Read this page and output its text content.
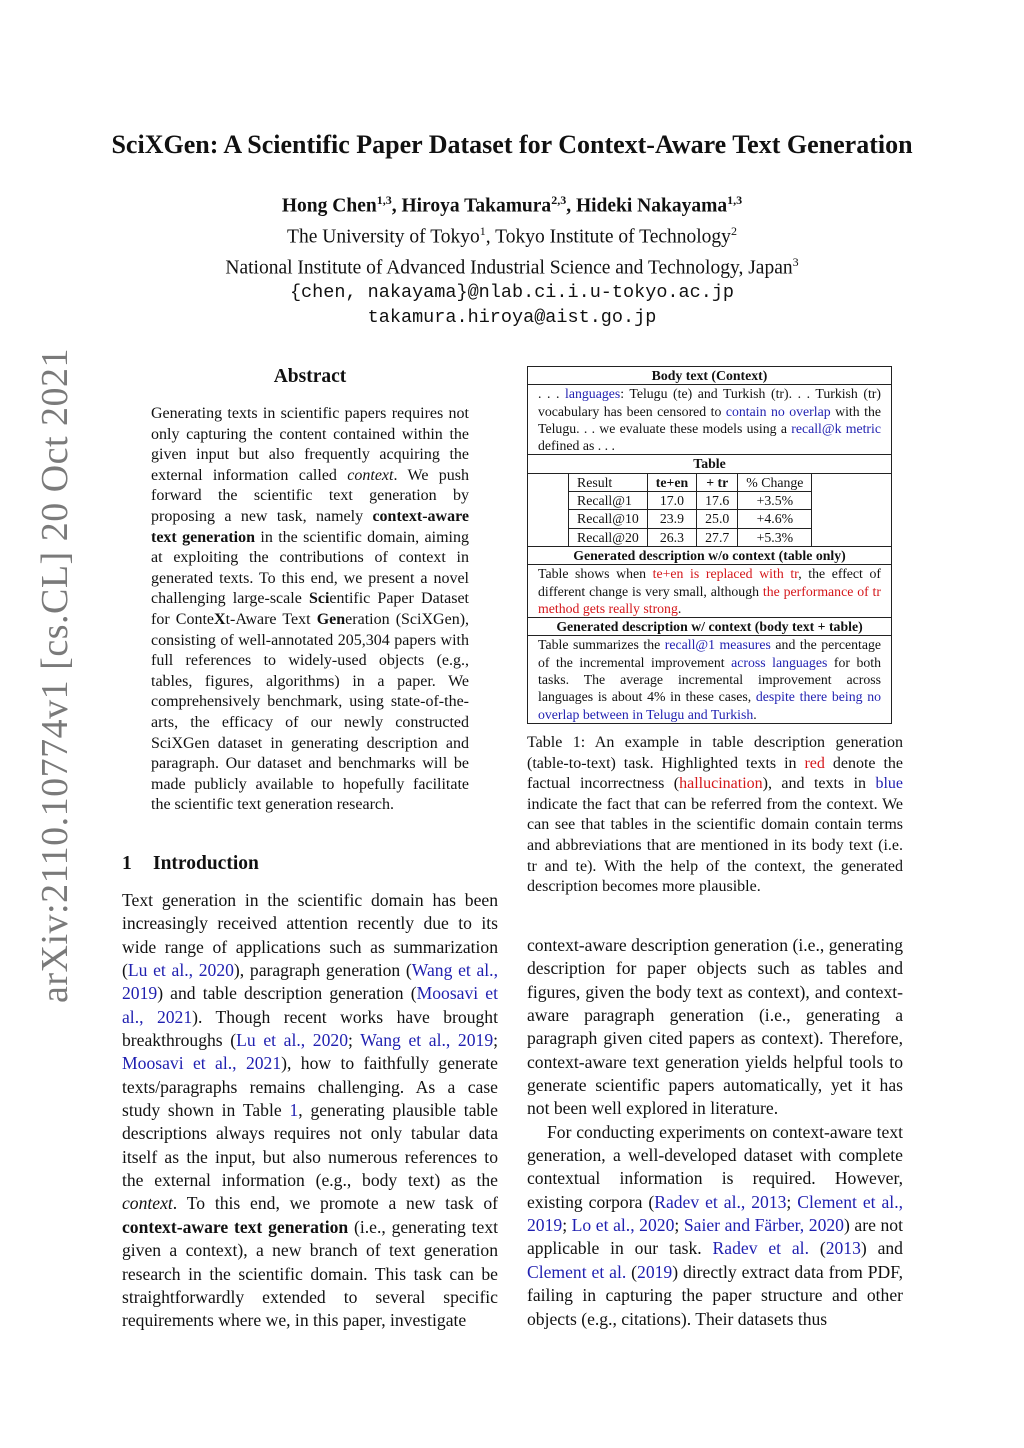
arXiv:2110.10774v1 [cs.CL] 20 Oct 2021
SciXGen: A Scientific Paper Dataset for Context-Aware Text Generation
Hong Chen$^{1,3}$, Hiroya Takamura$^{2,3}$, Hideki Nakayama$^{1,3}$
The University of Tokyo$^1$, Tokyo Institute of Technology$^2$
National Institute of Advanced Industrial Science and Technology, Japan$^3$
{chen, nakayama}@nlab.ci.i.u-tokyo.ac.jp
takamura.hiroya@aist.go.jp
Abstract
Generating texts in scientific papers requires not only capturing the content contained within the given input but also frequently acquiring the external information called context. We push forward the scientific text generation by proposing a new task, namely context-aware text generation in the scientific domain, aiming at exploiting the contributions of context in generated texts. To this end, we present a novel challenging large-scale Scientific Paper Dataset for ConteXt-Aware Text Generation (SciXGen), consisting of well-annotated 205,304 papers with full references to widely-used objects (e.g., tables, figures, algorithms) in a paper. We comprehensively benchmark, using state-of-the-arts, the efficacy of our newly constructed SciXGen dataset in generating description and paragraph. Our dataset and benchmarks will be made publicly available to hopefully facilitate the scientific text generation research.
1 Introduction
Text generation in the scientific domain has been increasingly received attention recently due to its wide range of applications such as summarization (Lu et al., 2020), paragraph generation (Wang et al., 2019) and table description generation (Moosavi et al., 2021). Though recent works have brought breakthroughs (Lu et al., 2020; Wang et al., 2019; Moosavi et al., 2021), how to faithfully generate texts/paragraphs remains challenging. As a case study shown in Table 1, generating plausible table descriptions always requires not only tabular data itself as the input, but also numerous references to the external information (e.g., body text) as the context. To this end, we promote a new task of context-aware text generation (i.e., generating text given a context), a new branch of text generation research in the scientific domain. This task can be straightforwardly extended to several specific requirements where we, in this paper, investigate
Body text (Context)
. . . languages: Telugu (te) and Turkish (tr). . . Turkish (tr) vocabulary has been censored to contain no overlap with the Telugu. . . we evaluate these models using a recall@k metric defined as . . .
Table
Result	te+en	+ tr	% Change
Recall@1	17.0	17.6	+3.5%
Recall@10	23.9	25.0	+4.6%
Recall@20	26.3	27.7	+5.3%
Generated description w/o context (table only)
Table shows when te+en is replaced with tr, the effect of different change is very small, although the performance of tr method gets really strong.
Generated description w/ context (body text + table)
Table summarizes the recall@1 measures and the percentage of the incremental improvement across languages for both tasks. The average incremental improvement across languages is about 4% in these cases, despite there being no overlap between in Telugu and Turkish.
Table 1: An example in table description generation (table-to-text) task. Highlighted texts in red denote the factual incorrectness (hallucination), and texts in blue indicate the fact that can be referred from the context. We can see that tables in the scientific domain contain terms and abbreviations that are mentioned in its body text (i.e. tr and te). With the help of the context, the generated description becomes more plausible.

context-aware description generation (i.e., generating description for paper objects such as tables and figures, given the body text as context), and context-aware paragraph generation (i.e., generating a paragraph given cited papers as context). Therefore, context-aware text generation yields helpful tools to generate scientific papers automatically, yet it has not been well explored in literature.

For conducting experiments on context-aware text generation, a well-developed dataset with complete contextual information is required. However, existing corpora (Radev et al., 2013; Clement et al., 2019; Lo et al., 2020; Saier and Färber, 2020) are not applicable in our task. Radev et al. (2013) and Clement et al. (2019) directly extract data from PDF, failing in capturing the paper structure and other objects (e.g., citations). Their datasets thus
